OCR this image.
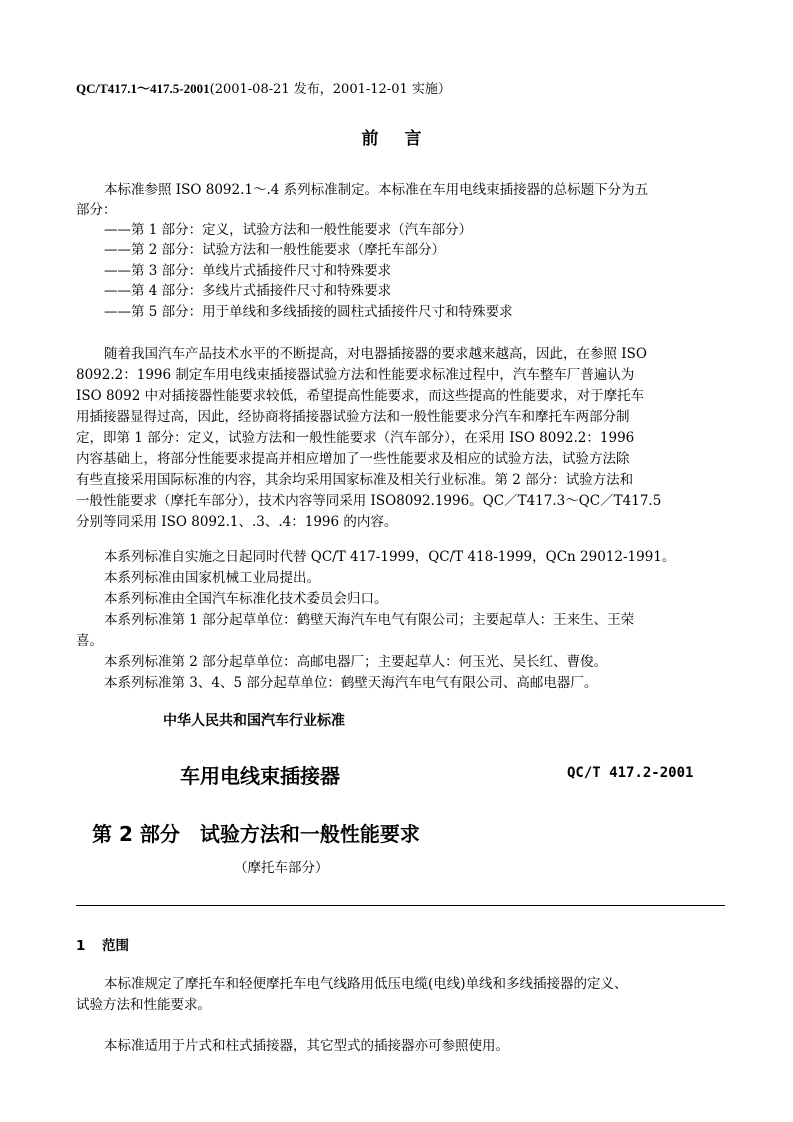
QC/T417.1～417.5-2001(2001-08-21 发布，2001-12-01 实施）
前 言
本标准参照 ISO 8092.1～.4 系列标准制定。本标准在车用电线束插接器的总标题下分为五
部分：
——第 1 部分：定义，试验方法和一般性能要求（汽车部分）
——第 2 部分：试验方法和一般性能要求（摩托车部分）
——第 3 部分：单线片式插接件尺寸和特殊要求
——第 4 部分：多线片式插接件尺寸和特殊要求
——第 5 部分：用于单线和多线插接的圆柱式插接件尺寸和特殊要求
随着我国汽车产品技术水平的不断提高，对电器插接器的要求越来越高，因此，在参照 ISO
8092.2：1996 制定车用电线束插接器试验方法和性能要求标准过程中，汽车整车厂普遍认为
ISO 8092 中对插接器性能要求较低，希望提高性能要求，而这些提高的性能要求，对于摩托车
用插接器显得过高，因此，经协商将插接器试验方法和一般性能要求分汽车和摩托车两部分制
定，即第 1 部分：定义，试验方法和一般性能要求（汽车部分），在采用 ISO 8092.2：1996
内容基础上，将部分性能要求提高并相应增加了一些性能要求及相应的试验方法，试验方法除
有些直接采用国际标准的内容，其余均采用国家标准及相关行业标准。第 2 部分：试验方法和
一般性能要求（摩托车部分），技术内容等同采用 ISO8092.1996。QC／T417.3～QC／T417.5
分别等同采用 ISO 8092.1、.3、.4：1996 的内容。
本系列标准自实施之日起同时代替 QC/T 417-1999，QC/T 418-1999，QCn 29012-1991。
本系列标准由国家机械工业局提出。
本系列标准由全国汽车标准化技术委员会归口。
本系列标准第 1 部分起草单位：鹤壁天海汽车电气有限公司；主要起草人：王来生、王荣
喜。
本系列标准第 2 部分起草单位：高邮电器厂；主要起草人：何玉光、吴长红、曹俊。
本系列标准第 3、4、5 部分起草单位：鹤壁天海汽车电气有限公司、高邮电器厂。
中华人民共和国汽车行业标准
车用电线束插接器	QC/T 417.2-2001
第 2 部分　试验方法和一般性能要求
（摩托车部分）
1 范围
本标准规定了摩托车和轻便摩托车电气线路用低压电缆(电线)单线和多线插接器的定义、
试验方法和性能要求。
本标准适用于片式和柱式插接器，其它型式的插接器亦可参照使用。
